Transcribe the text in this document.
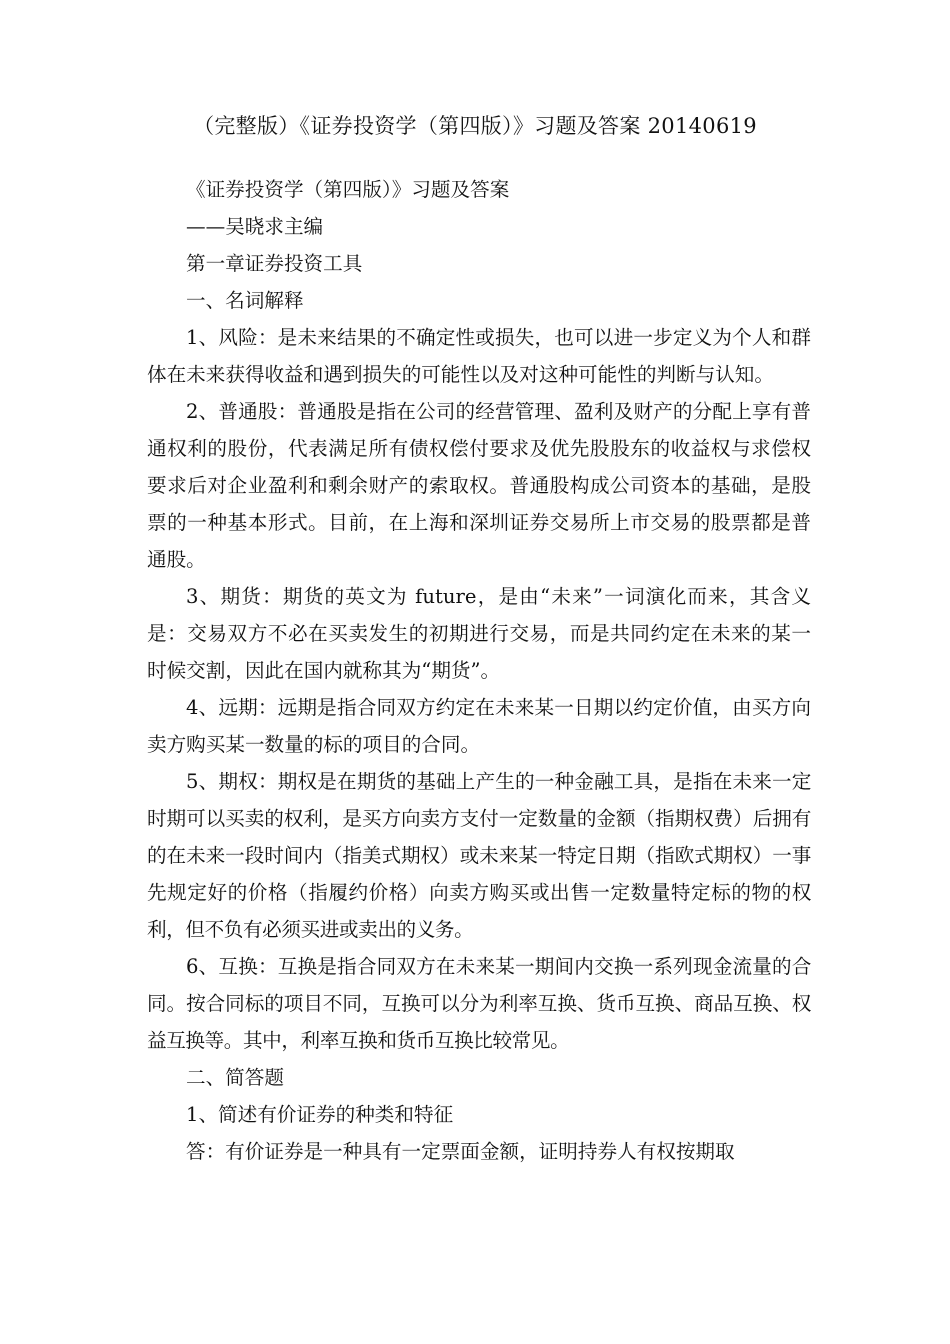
（完整版）《证券投资学（第四版）》习题及答案 20140619

《证券投资学（第四版）》习题及答案

——吴晓求主编

第一章证券投资工具

一、名词解释

1、风险：是未来结果的不确定性或损失，也可以进一步定义为个人和群体在未来获得收益和遇到损失的可能性以及对这种可能性的判断与认知。

2、普通股：普通股是指在公司的经营管理、盈利及财产的分配上享有普通权利的股份，代表满足所有债权偿付要求及优先股股东的收益权与求偿权要求后对企业盈利和剩余财产的索取权。普通股构成公司资本的基础，是股票的一种基本形式。目前，在上海和深圳证券交易所上市交易的股票都是普通股。

3、期货：期货的英文为 future，是由“未来”一词演化而来，其含义是：交易双方不必在买卖发生的初期进行交易，而是共同约定在未来的某一时候交割，因此在国内就称其为“期货”。

4、远期：远期是指合同双方约定在未来某一日期以约定价值，由买方向卖方购买某一数量的标的项目的合同。

5、期权：期权是在期货的基础上产生的一种金融工具，是指在未来一定时期可以买卖的权利，是买方向卖方支付一定数量的金额（指期权费）后拥有的在未来一段时间内（指美式期权）或未来某一特定日期（指欧式期权）一事先规定好的价格（指履约价格）向卖方购买或出售一定数量特定标的物的权利，但不负有必须买进或卖出的义务。

6、互换：互换是指合同双方在未来某一期间内交换一系列现金流量的合同。按合同标的项目不同，互换可以分为利率互换、货币互换、商品互换、权益互换等。其中，利率互换和货币互换比较常见。

二、简答题

1、简述有价证券的种类和特征

答：有价证券是一种具有一定票面金额，证明持券人有权按期取
